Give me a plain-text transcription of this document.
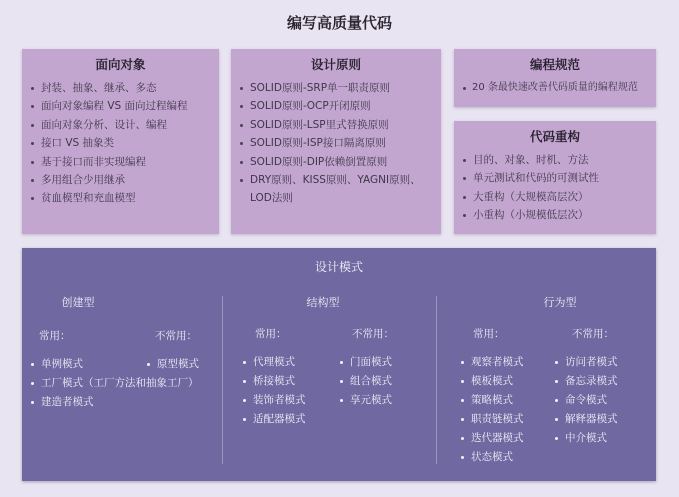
编写高质量代码
面向对象
封装、抽象、继承、多态
面向对象编程 VS 面向过程编程
面向对象分析、设计、编程
接口 VS 抽象类
基于接口而非实现编程
多用组合少用继承
贫血模型和充血模型
设计原则
SOLID原则-SRP单一职责原则
SOLID原则-OCP开闭原则
SOLID原则-LSP里式替换原则
SOLID原则-ISP接口隔离原则
SOLID原则-DIP依赖倒置原则
DRY原则、KISS原则、YAGNI原则、LOD法则
编程规范
20 条最快速改善代码质量的编程规范
代码重构
目的、对象、时机、方法
单元测试和代码的可测试性
大重构（大规模高层次）
小重构（小规模低层次）
设计模式
创建型
常用：
单例模式
工厂模式（工厂方法和抽象工厂）
建造者模式
不常用：
原型模式
结构型
常用：
代理模式
桥接模式
装饰者模式
适配器模式
不常用：
门面模式
组合模式
享元模式
行为型
常用：
观察者模式
模板模式
策略模式
职责链模式
迭代器模式
状态模式
不常用：
访问者模式
备忘录模式
命令模式
解释器模式
中介模式
